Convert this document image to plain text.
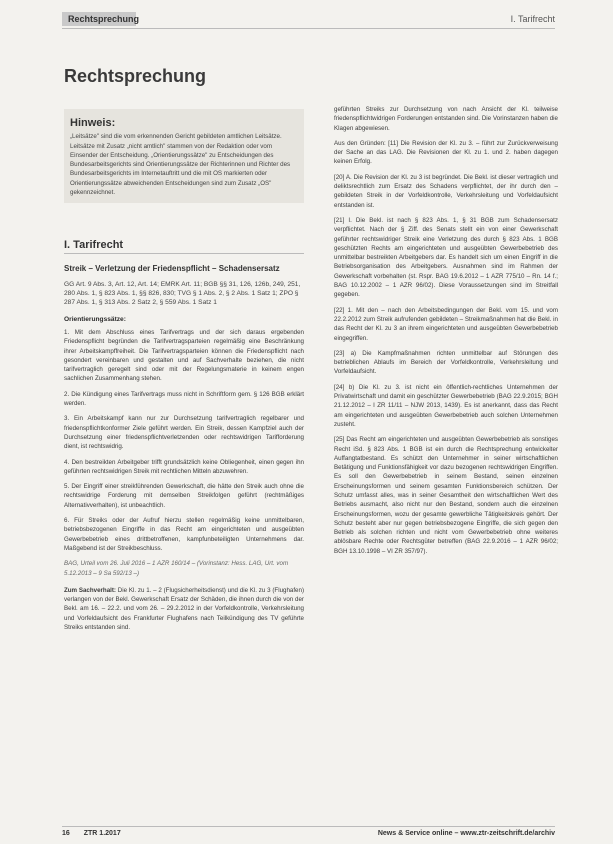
Rechtsprechung	I. Tarifrecht
Rechtsprechung
Hinweis:
„Leitsätze" sind die vom erkennenden Gericht gebildeten amtlichen Leitsätze. Leitsätze mit Zusatz „nicht amtlich" stammen von der Redaktion oder vom Einsender der Entscheidung. „Orientierungssätze" zu Entscheidungen des Bundesarbeitsgerichts sind Orientierungssätze der Richterinnen und Richter des Bundesarbeitsgerichts im Internetauftritt und die mit OS markierten oder Orientierungssätze abweichenden Entscheidungen sind zum Zusatz „OS" gekennzeichnet.
I. Tarifrecht
Streik – Verletzung der Friedenspflicht – Schadensersatz
GG Art. 9 Abs. 3, Art. 12, Art. 14; EMRK Art. 11; BGB §§ 31, 126, 126b, 249, 251, 280 Abs. 1, § 823 Abs. 1, §§ 826, 830; TVG § 1 Abs. 2, § 2 Abs. 1 Satz 1; ZPO § 287 Abs. 1, § 313 Abs. 2 Satz 2, § 559 Abs. 1 Satz 1
Orientierungssätze:

1. Mit dem Abschluss eines Tarifvertrags und der sich daraus ergebenden Friedenspflicht begründen die Tarifvertragsparteien regelmäßig eine Beschränkung ihrer Arbeitskampffreiheit. Die Tarifvertragsparteien können die Friedenspflicht nach gesondert vereinbaren und gestalten und auf Sachverhalte beziehen, die nicht tarifvertraglich geregelt sind oder mit der Regelungsmaterie in keinem engen sachlichen Zusammenhang stehen.

2. Die Kündigung eines Tarifvertrags muss nicht in Schriftform gem. § 126 BGB erklärt werden.

3. Ein Arbeitskampf kann nur zur Durchsetzung tarifvertraglich regelbarer und friedenspflichtkonformer Ziele geführt werden. Ein Streik, dessen Kampfziel auch der Durchsetzung einer friedenspflichtverletzenden oder rechtswidrigen Tarifforderung dient, ist rechtswidrig.

4. Den bestreikten Arbeitgeber trifft grundsätzlich keine Obliegenheit, einen gegen ihn geführten rechtswidrigen Streik mit rechtlichen Mitteln abzuwehren.

5. Der Eingriff einer streikführenden Gewerkschaft, die hätte den Streik auch ohne die rechtswidrige Forderung mit demselben Streikfolgen geführt (rechtmäßiges Alternativverhalten), ist unbeachtlich.

6. Für Streiks oder der Aufruf hierzu stellen regelmäßig keine unmittelbaren, betriebsbezogenen Eingriffe in das Recht am eingerichteten und ausgeübten Gewerbebetrieb eines drittbetroffenen, kampfunbeteiligten Unternehmens dar. Maßgebend ist der Streikbeschluss.

BAG, Urteil vom 26. Juli 2016 – 1 AZR 160/14 – (Vorinstanz: Hess. LAG, Urt. vom 5.12.2013 – 9 Sa 592/13 –)

Zum Sachverhalt: Die Kl. zu 1. – 2 (Flugsicherheitsdienst) und die Kl. zu 3 (Flughafen) verlangen von der Bekl. Gewerkschaft Ersatz der Schäden, die ihnen durch die von der Bekl. am 16. – 22.2. und vom 26. – 29.2.2012 in der Vorfeldkontrolle, Verkehrsleitung und Vorfeldaufsicht des Frankfurter Flughafens nach Teilkündigung des TV geführte Streiks entstanden sind.

geführten Streiks zur Durchsetzung von nach Ansicht der Kl. teilweise friedenspflichtwidrigen Forderungen entstanden sind. Die Vorinstanzen haben die Klagen abgewiesen.

Aus den Gründen: [11] Die Revision der Kl. zu 3. – führt zur Zurückverweisung der Sache an das LAG. Die Revisionen der Kl. zu 1. und 2. haben dagegen keinen Erfolg.

[20] A. Die Revision der Kl. zu 3 ist begründet. Die Bekl. ist dieser vertraglich und deliktsrechtlich zum Ersatz des Schadens verpflichtet, der ihr durch den – gebildeten Streik in der Vorfeldkontrolle, Verkehrsleitung und Vorfeldaufsicht entstanden ist.

[21] I. Die Bekl. ist nach § 823 Abs. 1, § 31 BGB zum Schadensersatz verpflichtet. Nach der § Ziff. des Senats stellt ein von einer Gewerkschaft geführter rechtswidriger Streik eine Verletzung des durch § 823 Abs. 1 BGB geschützten Rechts am eingerichteten und ausgeübten Gewerbebetrieb des unmittelbar bestreikten Arbeitgebers dar. Es handelt sich um einen Eingriff in die Betriebsorganisation des Arbeitgebers. Ausnahmen sind im Rahmen der Gewerkschaft vorbehalten (st. Rspr. BAG 19.6.2012 – 1 AZR 775/10 – Rn. 14 f.; BAG 10.12.2002 – 1 AZR 96/02). Diese Voraussetzungen sind im Streitfall gegeben.

[22] 1. Mit den – nach den Arbeitsbedingungen der Bekl. vom 15. und vom 22.2.2012 zum Streik aufrufenden gebildeten – Streikmaßnahmen hat die Bekl. in das Recht der Kl. zu 3 an ihrem eingerichteten und ausgeübten Gewerbebetrieb eingegriffen.

[23] a) Die Kampfmaßnahmen richten unmittelbar auf Störungen des betrieblichen Ablaufs im Bereich der Vorfeldkontrolle, Verkehrsleitung und Vorfeldaufsicht.

[24] b) Die Kl. zu 3. ist nicht ein öffentlich-rechtliches Unternehmen der Privatwirtschaft und damit ein geschützter Gewerbebetrieb (BAG 22.9.2015; BGH 21.12.2012 – I ZR 11/11 – NJW 2013, 1439). Es ist anerkannt, dass das Recht am eingerichteten und ausgeübten Gewerbebetrieb auch solchen Unternehmen zusteht.

[25] Das Recht am eingerichteten und ausgeübten Gewerbebetrieb als sonstiges Recht iSd. § 823 Abs. 1 BGB ist ein durch die Rechtsprechung entwickelter Auffangtatbestand. Es schützt den Unternehmer in seiner wirtschaftlichen Betätigung und Funktionsfähigkeit vor dazu bezogenen rechtswidrigen Eingriffen. Es soll den Gewerbebetrieb in seinem Bestand, seinen einzelnen Erscheinungsformen und seinem gesamten Funktionsbereich schützen. Der Schutz umfasst alles, was in seiner Gesamtheit den wirtschaftlichen Wert des Betriebs ausmacht, also nicht nur den Bestand, sondern auch die einzelnen Erscheinungsformen, wozu der gesamte gewerbliche Tätigkeitskreis gehört. Der Schutz besteht aber nur gegen betriebsbezogene Eingriffe, die sich gegen den Betrieb als solchen richten und nicht vom Gewerbebetrieb ohne weiteres ablösbare Rechte oder Rechtsgüter betreffen (BAG 22.9.2016 – 1 AZR 96/02; BGH 13.10.1998 – VI ZR 357/97).

16 ZTR 1.2017	News & Service online – www.ztr-zeitschrift.de/archiv
